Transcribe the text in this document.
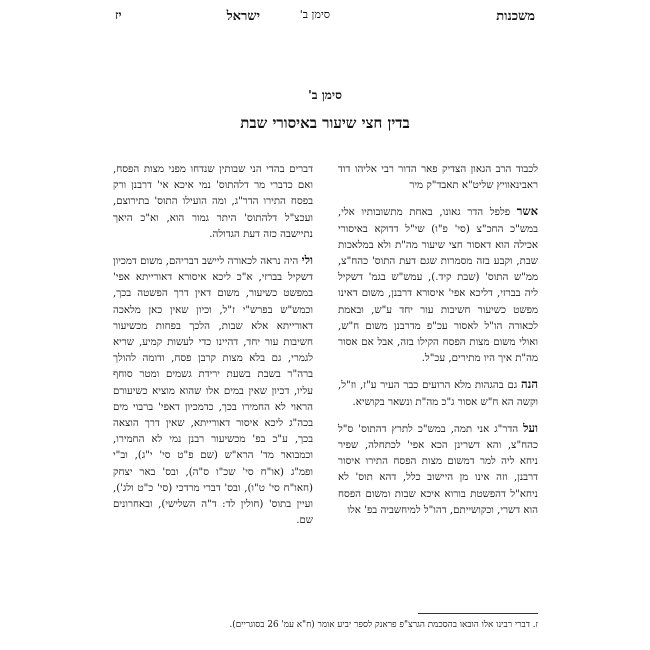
משכנות
סימן ב'
ישראל
יז
סימן ב'
בדין חצי שיעור באיסורי שבת

לכבוד הרב הגאון הצדיק פאר הדור רבי אליהו דוד ראבינאוויץ שליט"א תאבד"ק מיר

אשר פלפל הדר גאונו, באחת מתשובותיו אלי, במש"כ החכ"צ (סי' פ"ו) שי"ל דדוקא באיסורי אכילה הוא דאסור חצי שיעור מה"ת ולא במלאכות שבת, וקבע בזה מסמרות שגם דעת התוס' כהח"צ, ממ"ש התוס' (שבת קיד.), עמש"ש בגמ' דשקיל ליה בברזי, דליכא אפי' איסורא דרבנן, משום דאינו מפשט כשיעור חשיבות עור יחד ע"ש, ובאמת לכאורה הו"ל לאסור עכ"פ מדרבנן משום ח"ש, ואולי משום מצות הפסח הקילו בזה, אבל אם אסור מה"ת איך היו מתירים, עכ"ל.

הנה גם בהגהות מלא הרועים כבר העיר ע"ז, וז"ל, וקשה הא ח"ש אסור ג"כ מה"ת ונשאר בקושיא.

ועל הדר"ג אני תמה, במש"כ לתרץ דהתוס' ס"ל כהח"צ, והא דשרינן הכא אפי' לכתחלה, שפיר ניחא ליה למר דמשום מצות הפסח התירו איסור דרבנן, וזה אינו מן היישוב כלל, דהא תוס' לא ניחא"ל דהפשטת בורוא איכא שבות ומשום הפסח הוא דשרי, וכקושייתם, דהו"ל למיחשביה בפ' אלו

דברים בהדי הני שבותין שנדחו מפני מצות הפסח, ואם כדברי מר דלהתוס' נמי איכא אי' דרבנן ורק בפסח התירו הדר"ג, ומה הועילו התוס' בתירוצם, ועכצ"ל דלהתוס' היתר גמור הוא, וא"כ היאך נתיישבה כזה דעת הגדולה.

ולי היה נראה לכאורה ליישב דבריהם, משום דמכיון דשקיל בברזי, א"כ ליכא איסורא דאורייתא אפי' במפשט כשיעור, משום דאין דרך הפשטה בכך, וכמש"ש בפרש"י ז"ל, וכיון שאין כאן מלאכה דאורייתא אלא שבות, הלכך בפחות מכשיעור חשיבות עור יחד, דהיינו כדי לעשות קמיע, שריא לגמרי, גם בלא מצות קרבן פסח, ודומה להולך ברה"ר בשבת בשעת ירידת גשמים ומטר סוחף עליו, דכיון שאין במים אלו שהוא מוציא כשיעורם הראוי לא החמירו בכך, כדמכיון דאפי' ברבוי מים בכה"ג ליכא איסור דאורייתא, שאין דרך הוצאה בכך, ע"כ בפ' מכשיעור רבנן נמי לא החמירו, וכמבואר מד' הרא"ש (שם פ"ט סי' י"ג), וב"י ופמ"ג (או"ח סי' שכ"ו ס"ה), ובס' באר יצחק (חאו"ח סי' ט"ו), ובס' דברי מרדכי (סי' כ"ט ולג'), ועיין בתוס' (חולין לד: ד"ה השלישי), ובאחרונים שם.

ז. דברי רבינו אלו הובאו בהסכמת הגרצ"פ פראנק לספר יביע אומר (ח"א עמ' 26 בסוגריים).
